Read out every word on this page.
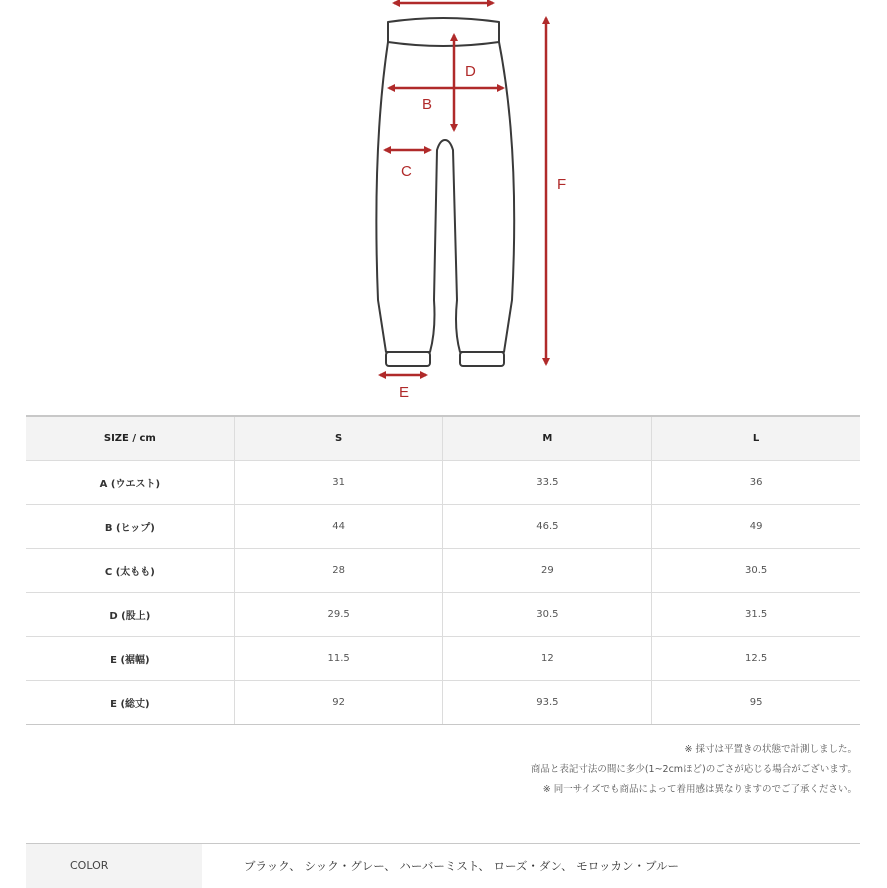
D
B
C
F
E
SIZE / cm	S	M	L
A (ウエスト)	31	33.5	36
B (ヒップ)	44	46.5	49
C (太もも)	28	29	30.5
D (股上)	29.5	30.5	31.5
E (裾幅)	11.5	12	12.5
E (総丈)	92	93.5	95
※ 採寸は平置きの状態で計測しました。
商品と表記寸法の間に多少(1~2cmほど)のごさが応じる場合がございます。
※ 同一サイズでも商品によって着用感は異なりますのでご了承ください。
COLOR	ブラック、 シック・グレー、 ハーバーミスト、 ローズ・ダン、 モロッカン・ブルー
